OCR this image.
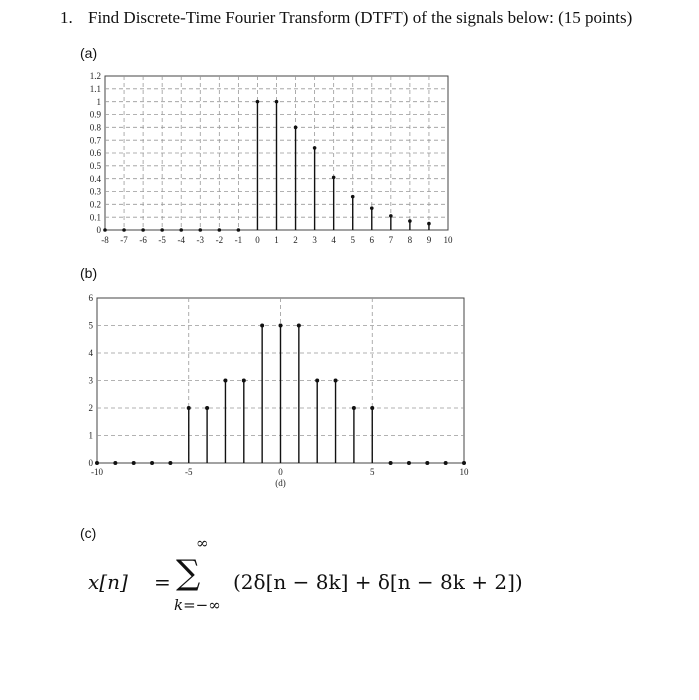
1. Find Discrete-Time Fourier Transform (DTFT) of the signals below: (15 points)
(a)
(b)
(c)
-8 -7 -6 -5 -4 -3 -2 -1 0 1 2 3 4 5 6 7 8 9 10
0
0.1
0.2
0.3
0.4
0.5
0.6
0.7
0.8
0.9
1
1.1
1.2
-10	-5	0	5	10
0
1
2
3
4
5
6
(d)
x[n] =
∞
∑
k=−∞
(2δ[n − 8k] + δ[n − 8k + 2])
